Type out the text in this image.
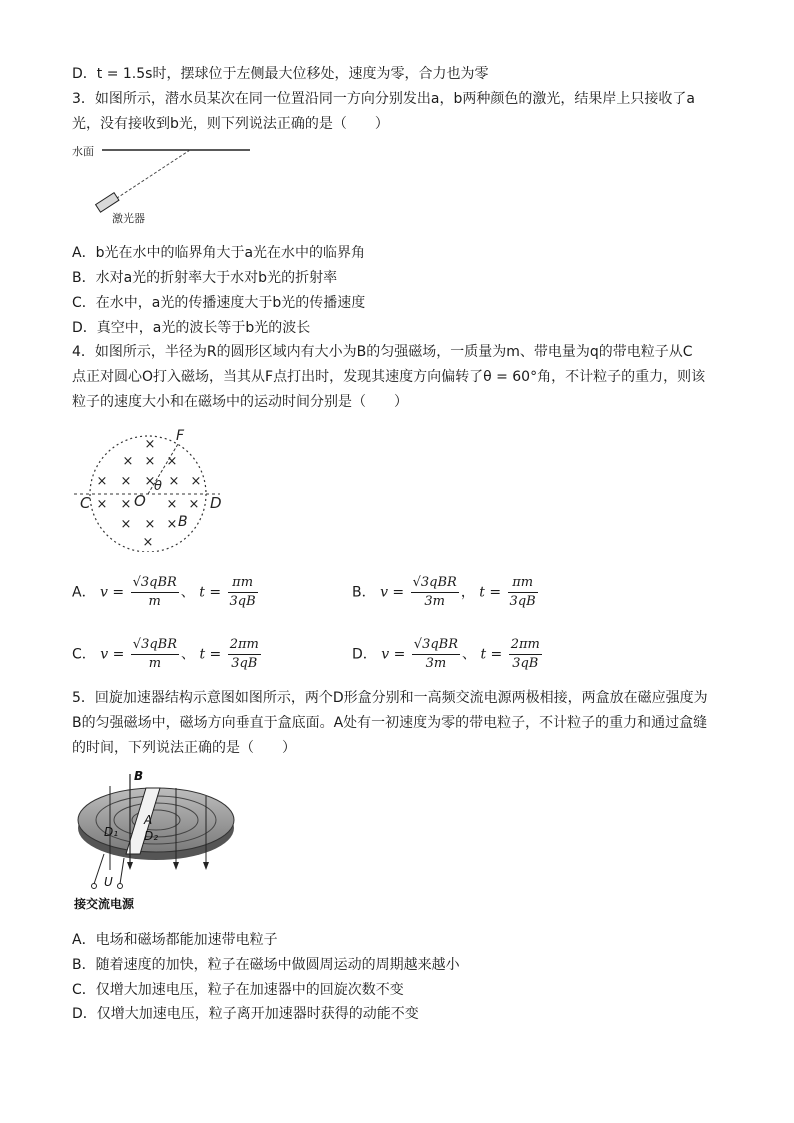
D．t = 1.5s时，摆球位于左侧最大位移处，速度为零，合力也为零
3．如图所示，潜水员某次在同一位置沿同一方向分别发出a，b两种颜色的激光，结果岸上只接收了a
光，没有接收到b光，则下列说法正确的是（　　）
水面
激光器
A．b光在水中的临界角大于a光在水中的临界角
B．水对a光的折射率大于水对b光的折射率
C．在水中，a光的传播速度大于b光的传播速度
D．真空中，a光的波长等于b光的波长
4．如图所示，半径为R的圆形区域内有大小为B的匀强磁场，一质量为m、带电量为q的带电粒子从C
点正对圆心O打入磁场，当其从F点打出时，发现其速度方向偏转了θ = 60°角，不计粒子的重力，则该
粒子的速度大小和在磁场中的运动时间分别是（　　）
×
× × ×
× × × × ×
× ×	× ×
× × ×
×
F
θ
C	O	D
B
A． $v = \frac{\text{√3qBR}}{m}$ 、 $t = \frac{\pi m}{3qB}$	B． $v = \frac{\text{√3qBR}}{3m}$ ， $t = \frac{\pi m}{3qB}$
C． $v = \frac{\text{√3qBR}}{m}$ 、 $t = \frac{2\pi m}{3qB}$	D． $v = \frac{\text{√3qBR}}{3m}$ 、 $t = \frac{2\pi m}{3qB}$
5．回旋加速器结构示意图如图所示，两个D形盒分别和一高频交流电源两极相接，两盒放在磁应强度为
B的匀强磁场中，磁场方向垂直于盒底面。A处有一初速度为零的带电粒子，不计粒子的重力和通过盒缝
的时间，下列说法正确的是（　　）
B
A
D₁ D₂
U
接交流电源
A．电场和磁场都能加速带电粒子
B．随着速度的加快，粒子在磁场中做圆周运动的周期越来越小
C．仅增大加速电压，粒子在加速器中的回旋次数不变
D．仅增大加速电压，粒子离开加速器时获得的动能不变
